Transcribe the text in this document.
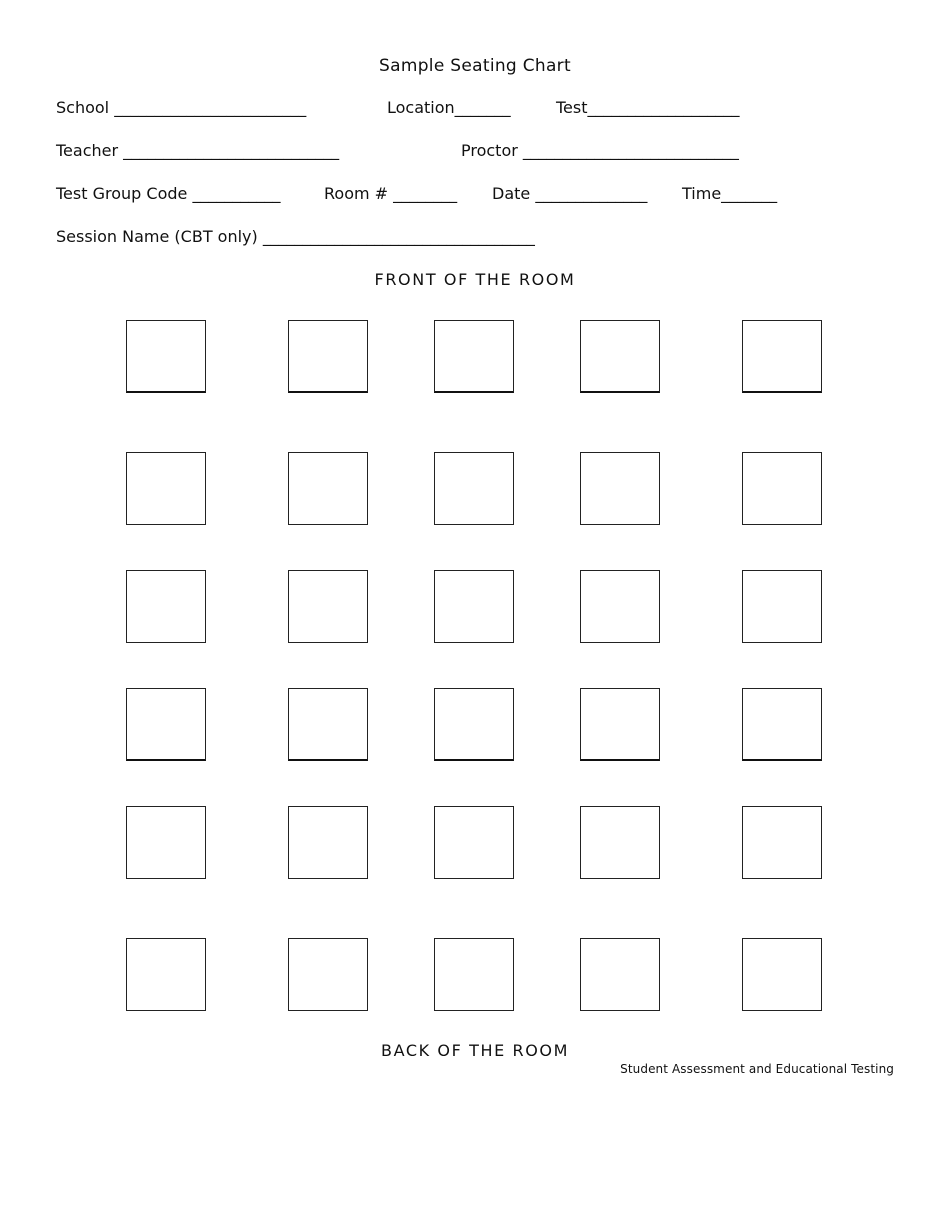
Sample Seating Chart
School ________________________	Location_______	Test___________________
Teacher ___________________________	Proctor ___________________________
Test Group Code ___________	Room # ________ Date ______________ Time_______
Session Name (CBT only) __________________________________
FRONT OF THE ROOM
BACK OF THE ROOM
Student Assessment and Educational Testing
